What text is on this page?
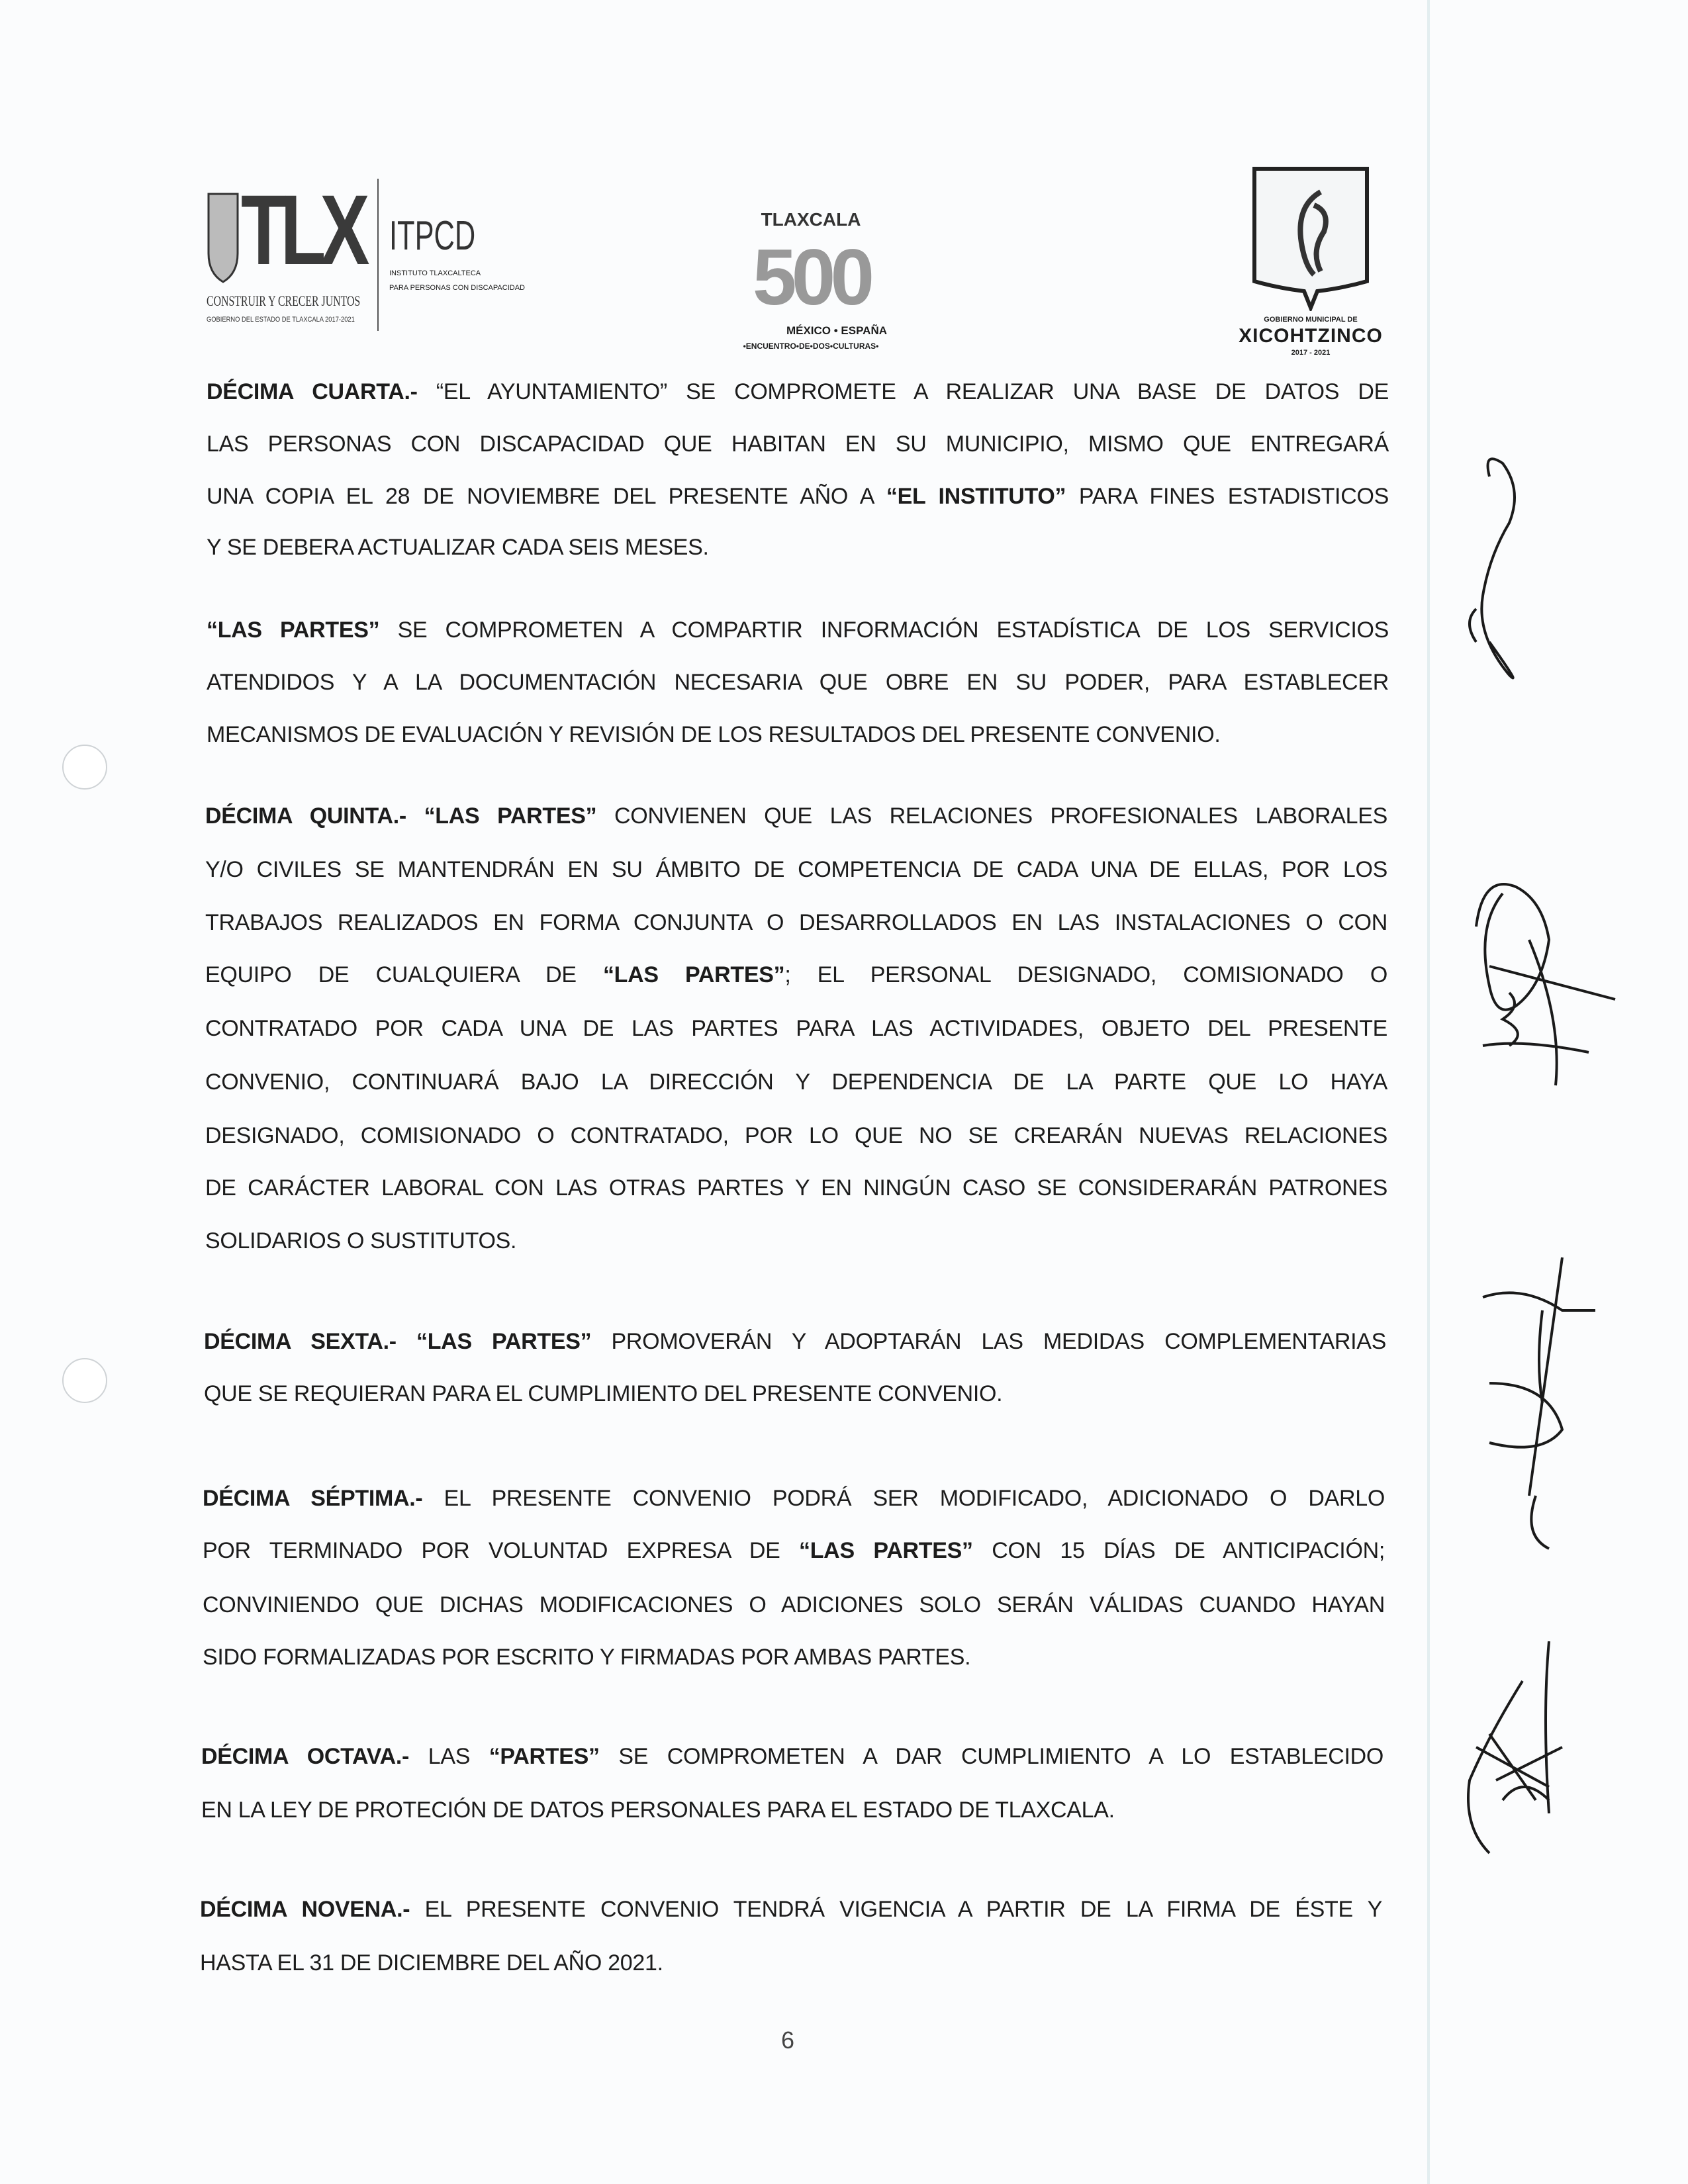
TLX
CONSTRUIR Y CRECER JUNTOS
GOBIERNO DEL ESTADO DE TLAXCALA 2017-2021
ITPCD
INSTITUTO TLAXCALTECA
PARA PERSONAS CON DISCAPACIDAD
TLAXCALA
500
MÉXICO • ESPAÑA
•ENCUENTRO•DE•DOS•CULTURAS•
GOBIERNO MUNICIPAL DE
XICOHTZINCO
2017 - 2021
DÉCIMA CUARTA.- “EL AYUNTAMIENTO” SE COMPROMETE A REALIZAR UNA BASE DE DATOS DE
LAS PERSONAS CON DISCAPACIDAD QUE HABITAN EN SU MUNICIPIO, MISMO QUE ENTREGARÁ
UNA COPIA EL 28 DE NOVIEMBRE DEL PRESENTE AÑO A “EL INSTITUTO” PARA FINES ESTADISTICOS
Y SE DEBERA ACTUALIZAR CADA SEIS MESES.
“LAS PARTES” SE COMPROMETEN A COMPARTIR INFORMACIÓN ESTADÍSTICA DE LOS SERVICIOS
ATENDIDOS Y A LA DOCUMENTACIÓN NECESARIA QUE OBRE EN SU PODER, PARA ESTABLECER
MECANISMOS DE EVALUACIÓN Y REVISIÓN DE LOS RESULTADOS DEL PRESENTE CONVENIO.
DÉCIMA QUINTA.- “LAS PARTES” CONVIENEN QUE LAS RELACIONES PROFESIONALES LABORALES
Y/O CIVILES SE MANTENDRÁN EN SU ÁMBITO DE COMPETENCIA DE CADA UNA DE ELLAS, POR LOS
TRABAJOS REALIZADOS EN FORMA CONJUNTA O DESARROLLADOS EN LAS INSTALACIONES O CON
EQUIPO DE CUALQUIERA DE “LAS PARTES”; EL PERSONAL DESIGNADO, COMISIONADO O
CONTRATADO POR CADA UNA DE LAS PARTES PARA LAS ACTIVIDADES, OBJETO DEL PRESENTE
CONVENIO, CONTINUARÁ BAJO LA DIRECCIÓN Y DEPENDENCIA DE LA PARTE QUE LO HAYA
DESIGNADO, COMISIONADO O CONTRATADO, POR LO QUE NO SE CREARÁN NUEVAS RELACIONES
DE CARÁCTER LABORAL CON LAS OTRAS PARTES Y EN NINGÚN CASO SE CONSIDERARÁN PATRONES
SOLIDARIOS O SUSTITUTOS.
DÉCIMA SEXTA.- “LAS PARTES” PROMOVERÁN Y ADOPTARÁN LAS MEDIDAS COMPLEMENTARIAS
QUE SE REQUIERAN PARA EL CUMPLIMIENTO DEL PRESENTE CONVENIO.
DÉCIMA SÉPTIMA.- EL PRESENTE CONVENIO PODRÁ SER MODIFICADO, ADICIONADO O DARLO
POR TERMINADO POR VOLUNTAD EXPRESA DE “LAS PARTES” CON 15 DÍAS DE ANTICIPACIÓN;
CONVINIENDO QUE DICHAS MODIFICACIONES O ADICIONES SOLO SERÁN VÁLIDAS CUANDO HAYAN
SIDO FORMALIZADAS POR ESCRITO Y FIRMADAS POR AMBAS PARTES.
DÉCIMA OCTAVA.- LAS “PARTES” SE COMPROMETEN A DAR CUMPLIMIENTO A LO ESTABLECIDO
EN LA LEY DE PROTECIÓN DE DATOS PERSONALES PARA EL ESTADO DE TLAXCALA.
DÉCIMA NOVENA.- EL PRESENTE CONVENIO TENDRÁ VIGENCIA A PARTIR DE LA FIRMA DE ÉSTE Y
HASTA EL 31 DE DICIEMBRE DEL AÑO 2021.
6
